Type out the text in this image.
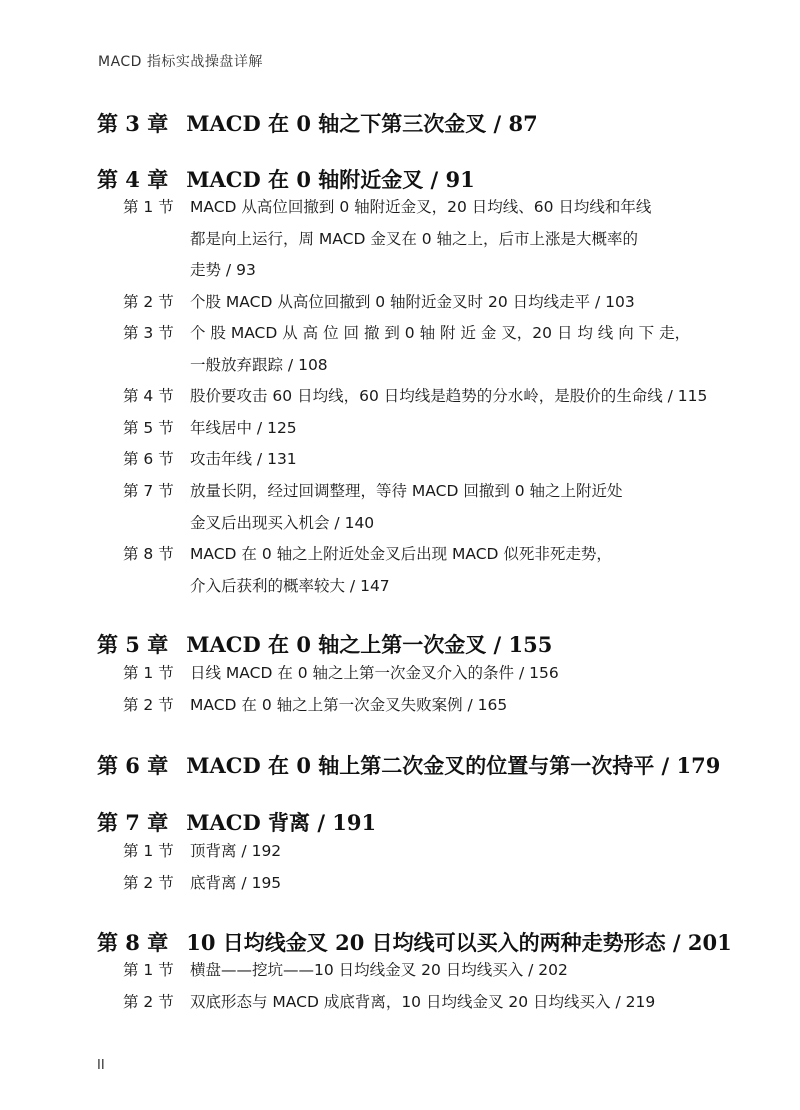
MACD 指标实战操盘详解
第 3 章 MACD 在 0 轴之下第三次金叉 / 87
第 4 章 MACD 在 0 轴附近金叉 / 91
第 1 节 MACD 从高位回撤到 0 轴附近金叉，20 日均线、60 日均线和年线
都是向上运行，周 MACD 金叉在 0 轴之上，后市上涨是大概率的
走势 / 93
第 2 节 个股 MACD 从高位回撤到 0 轴附近金叉时 20 日均线走平 / 103
第 3 节 个 股 MACD 从 高 位 回 撤 到 0 轴 附 近 金 叉，20 日 均 线 向 下 走，
一般放弃跟踪 / 108
第 4 节 股价要攻击 60 日均线，60 日均线是趋势的分水岭，是股价的生命线 / 115
第 5 节 年线居中 / 125
第 6 节 攻击年线 / 131
第 7 节 放量长阴，经过回调整理，等待 MACD 回撤到 0 轴之上附近处
金叉后出现买入机会 / 140
第 8 节 MACD 在 0 轴之上附近处金叉后出现 MACD 似死非死走势，
介入后获利的概率较大 / 147
第 5 章 MACD 在 0 轴之上第一次金叉 / 155
第 1 节 日线 MACD 在 0 轴之上第一次金叉介入的条件 / 156
第 2 节 MACD 在 0 轴之上第一次金叉失败案例 / 165
第 6 章 MACD 在 0 轴上第二次金叉的位置与第一次持平 / 179
第 7 章 MACD 背离 / 191
第 1 节 顶背离 / 192
第 2 节 底背离 / 195
第 8 章 10 日均线金叉 20 日均线可以买入的两种走势形态 / 201
第 1 节 横盘——挖坑——10 日均线金叉 20 日均线买入 / 202
第 2 节 双底形态与 MACD 成底背离，10 日均线金叉 20 日均线买入 / 219
II
